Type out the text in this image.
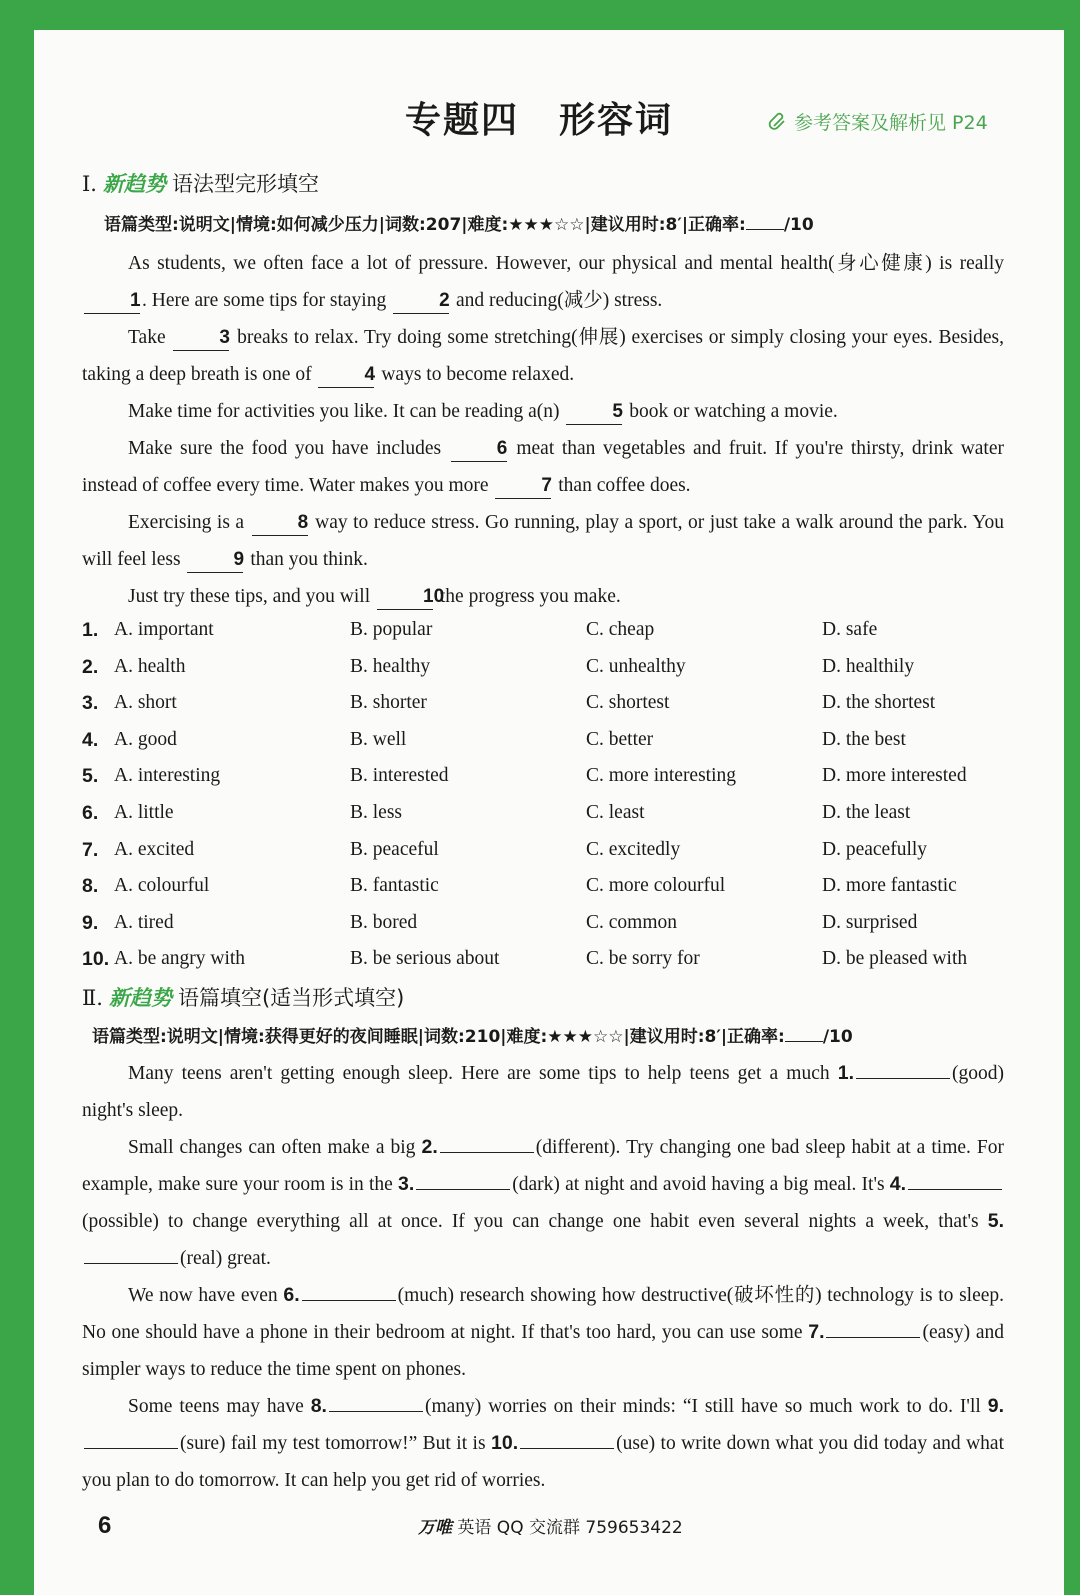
专题四 形容词	参考答案及解析见 P24
I. 新趋势 语法型完形填空
语篇类型:说明文|情境:如何减少压力|词数:207|难度:★★★☆☆|建议用时:8′|正确率: /10

As students, we often face a lot of pressure. However, our physical and mental health(身心健康) is really 1. Here are some tips for staying	2 and reducing(减少) stress.

Take	3 breaks to relax. Try doing some stretching(伸展) exercises or simply closing your eyes. Besides, taking a deep breath is one of	4 ways to become relaxed.

Make time for activities you like. It can be reading a(n)	5 book or watching a movie.

Make sure the food you have includes	6 meat than vegetables and fruit. If you're thirsty, drink water instead of coffee every time. Water makes you more	7 than coffee does.

Exercising is a	8 way to reduce stress. Go running, play a sport, or just take a walk around the park. You will feel less	9 than you think.

Just try these tips, and you will	10 the progress you make.

1. A. important	B. popular	C. cheap	D. safe
2. A. health	B. healthy	C. unhealthy	D. healthily
3. A. short	B. shorter	C. shortest	D. the shortest
4. A. good	B. well	C. better	D. the best
5. A. interesting	B. interested	C. more interesting	D. more interested
6. A. little	B. less	C. least	D. the least
7. A. excited	B. peaceful	C. excitedly	D. peacefully
8. A. colourful	B. fantastic	C. more colourful	D. more fantastic
9. A. tired	B. bored	C. common	D. surprised
10. A. be angry with	B. be serious about	C. be sorry for	D. be pleased with
Ⅱ. 新趋势 语篇填空(适当形式填空)
语篇类型:说明文|情境:获得更好的夜间睡眠|词数:210|难度:★★★☆☆|建议用时:8′|正确率: /10

Many teens aren't getting enough sleep. Here are some tips to help teens get a much 1.	(good) night's sleep.

Small changes can often make a big 2.	(different). Try changing one bad sleep habit at a time. For example, make sure your room is in the 3.	(dark) at night and avoid having a big meal. It's 4.(possible) to change everything all at once. If you can change one habit even several nights a week, that's 5.(real) great.

We now have even 6.	(much) research showing how destructive(破坏性的) technology is to sleep. No one should have a phone in their bedroom at night. If that's too hard, you can use some 7.	(easy) and simpler ways to reduce the time spent on phones.

Some teens may have 8.	(many) worries on their minds: “I still have so much work to do. I'll 9.(sure) fail my test tomorrow!” But it is 10.	(use) to write down what you did today and what you plan to do tomorrow. It can help you get rid of worries.

6	万唯 英语 QQ 交流群 759653422
